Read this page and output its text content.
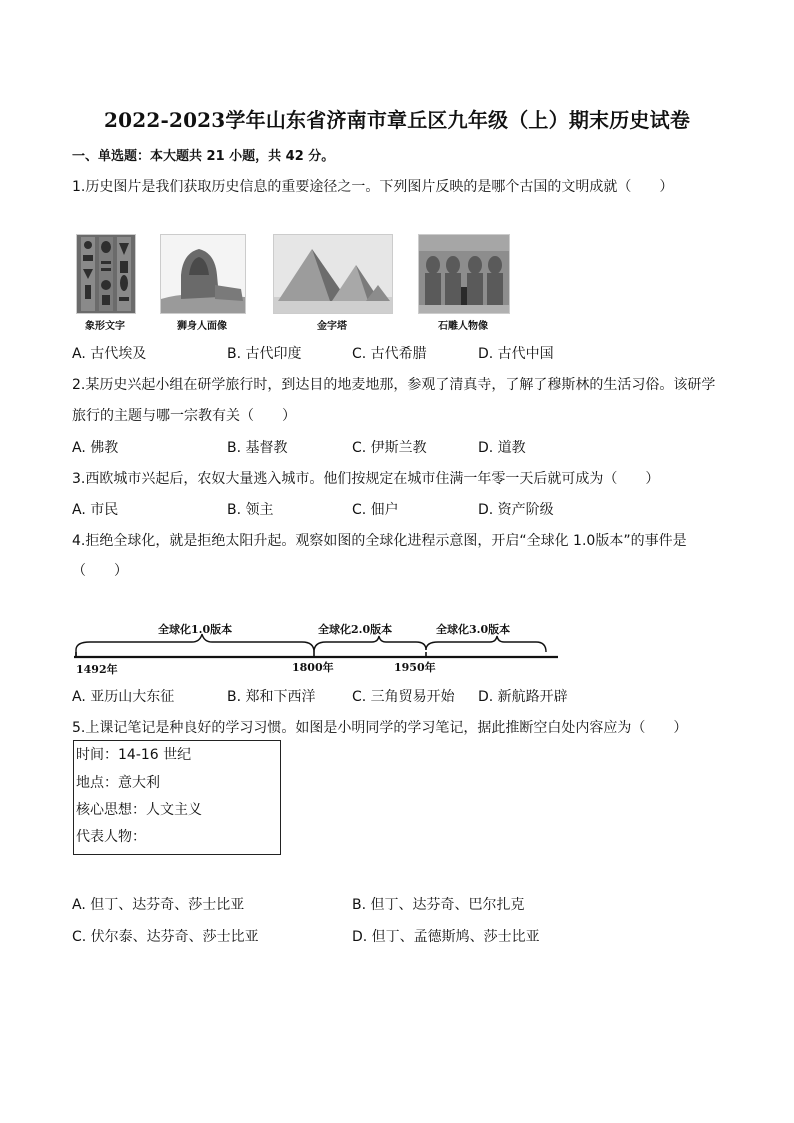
2022-2023学年山东省济南市章丘区九年级（上）期末历史试卷
一、单选题：本大题共 21 小题，共 42 分。
1.历史图片是我们获取历史信息的重要途径之一。下列图片反映的是哪个古国的文明成就（　　）
象形文字	狮身人面像	金字塔	石雕人物像
A. 古代埃及	B. 古代印度	C. 古代希腊	D. 古代中国
2.某历史兴起小组在研学旅行时，到达目的地麦地那，参观了清真寺，了解了穆斯林的生活习俗。该研学
旅行的主题与哪一宗教有关（　　）
A. 佛教	B. 基督教	C. 伊斯兰教	D. 道教
3.西欧城市兴起后，农奴大量逃入城市。他们按规定在城市住满一年零一天后就可成为（　　）
A. 市民	B. 领主	C. 佃户	D. 资产阶级
4.拒绝全球化，就是拒绝太阳升起。观察如图的全球化进程示意图，开启“全球化 1.0版本”的事件是
（　　）
全球化1.0版本	全球化2.0版本	全球化3.0版本
1492年	1800年	1950年
A. 亚历山大东征	B. 郑和下西洋	C. 三角贸易开始 D. 新航路开辟
5.上课记笔记是种良好的学习习惯。如图是小明同学的学习笔记，据此推断空白处内容应为（　　）
时间：14-16 世纪
地点：意大利
核心思想：人文主义
代表人物：
A. 但丁、达芬奇、莎士比亚	B. 但丁、达芬奇、巴尔扎克
C. 伏尔泰、达芬奇、莎士比亚	D. 但丁、孟德斯鸠、莎士比亚
